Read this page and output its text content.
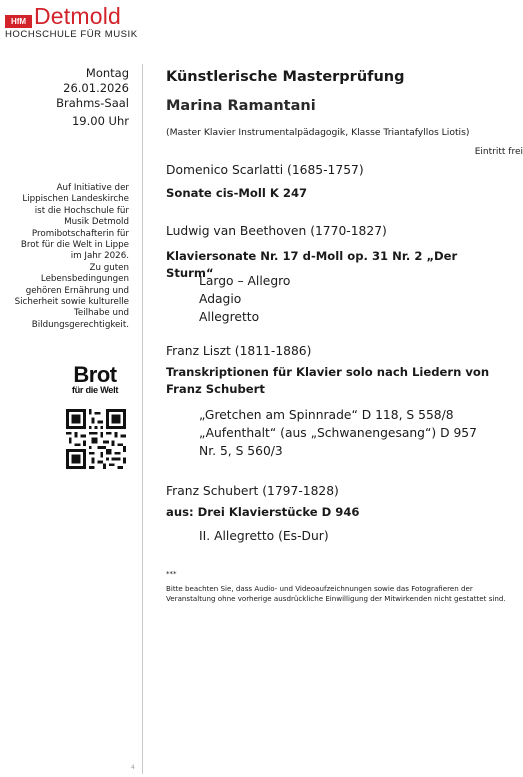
HfM Detmold
HOCHSCHULE FÜR MUSIK
Montag
26.01.2026
Brahms-Saal
19.00 Uhr
Eintritt frei
Auf Initiative der
Lippischen Landeskirche
ist die Hochschule für
Musik Detmold
Promibotschafterin für
Brot für die Welt in Lippe
im Jahr 2026.
Zu guten
Lebensbedingungen
gehören Ernährung und
Sicherheit sowie kulturelle
Teilhabe und
Bildungsgerechtigkeit.
Brot
für die Welt
4
Künstlerische Masterprüfung
Marina Ramantani
(Master Klavier Instrumentalpädagogik, Klasse Triantafyllos Liotis)
Domenico Scarlatti (1685-1757)
Sonate cis-Moll K 247
Ludwig van Beethoven (1770-1827)
Klaviersonate Nr. 17 d-Moll op. 31 Nr. 2 „Der Sturm“
Largo – Allegro
Adagio
Allegretto
Franz Liszt (1811-1886)
Transkriptionen für Klavier solo nach Liedern von Franz Schubert
„Gretchen am Spinnrade“ D 118, S 558/8
„Aufenthalt“ (aus „Schwanengesang“) D 957
Nr. 5, S 560/3
Franz Schubert (1797-1828)
aus: Drei Klavierstücke D 946
II. Allegretto (Es-Dur)
***
Bitte beachten Sie, dass Audio- und Videoaufzeichnungen sowie das Fotografieren der Veranstaltung ohne vorherige ausdrückliche Einwilligung der Mitwirkenden nicht gestattet sind.
